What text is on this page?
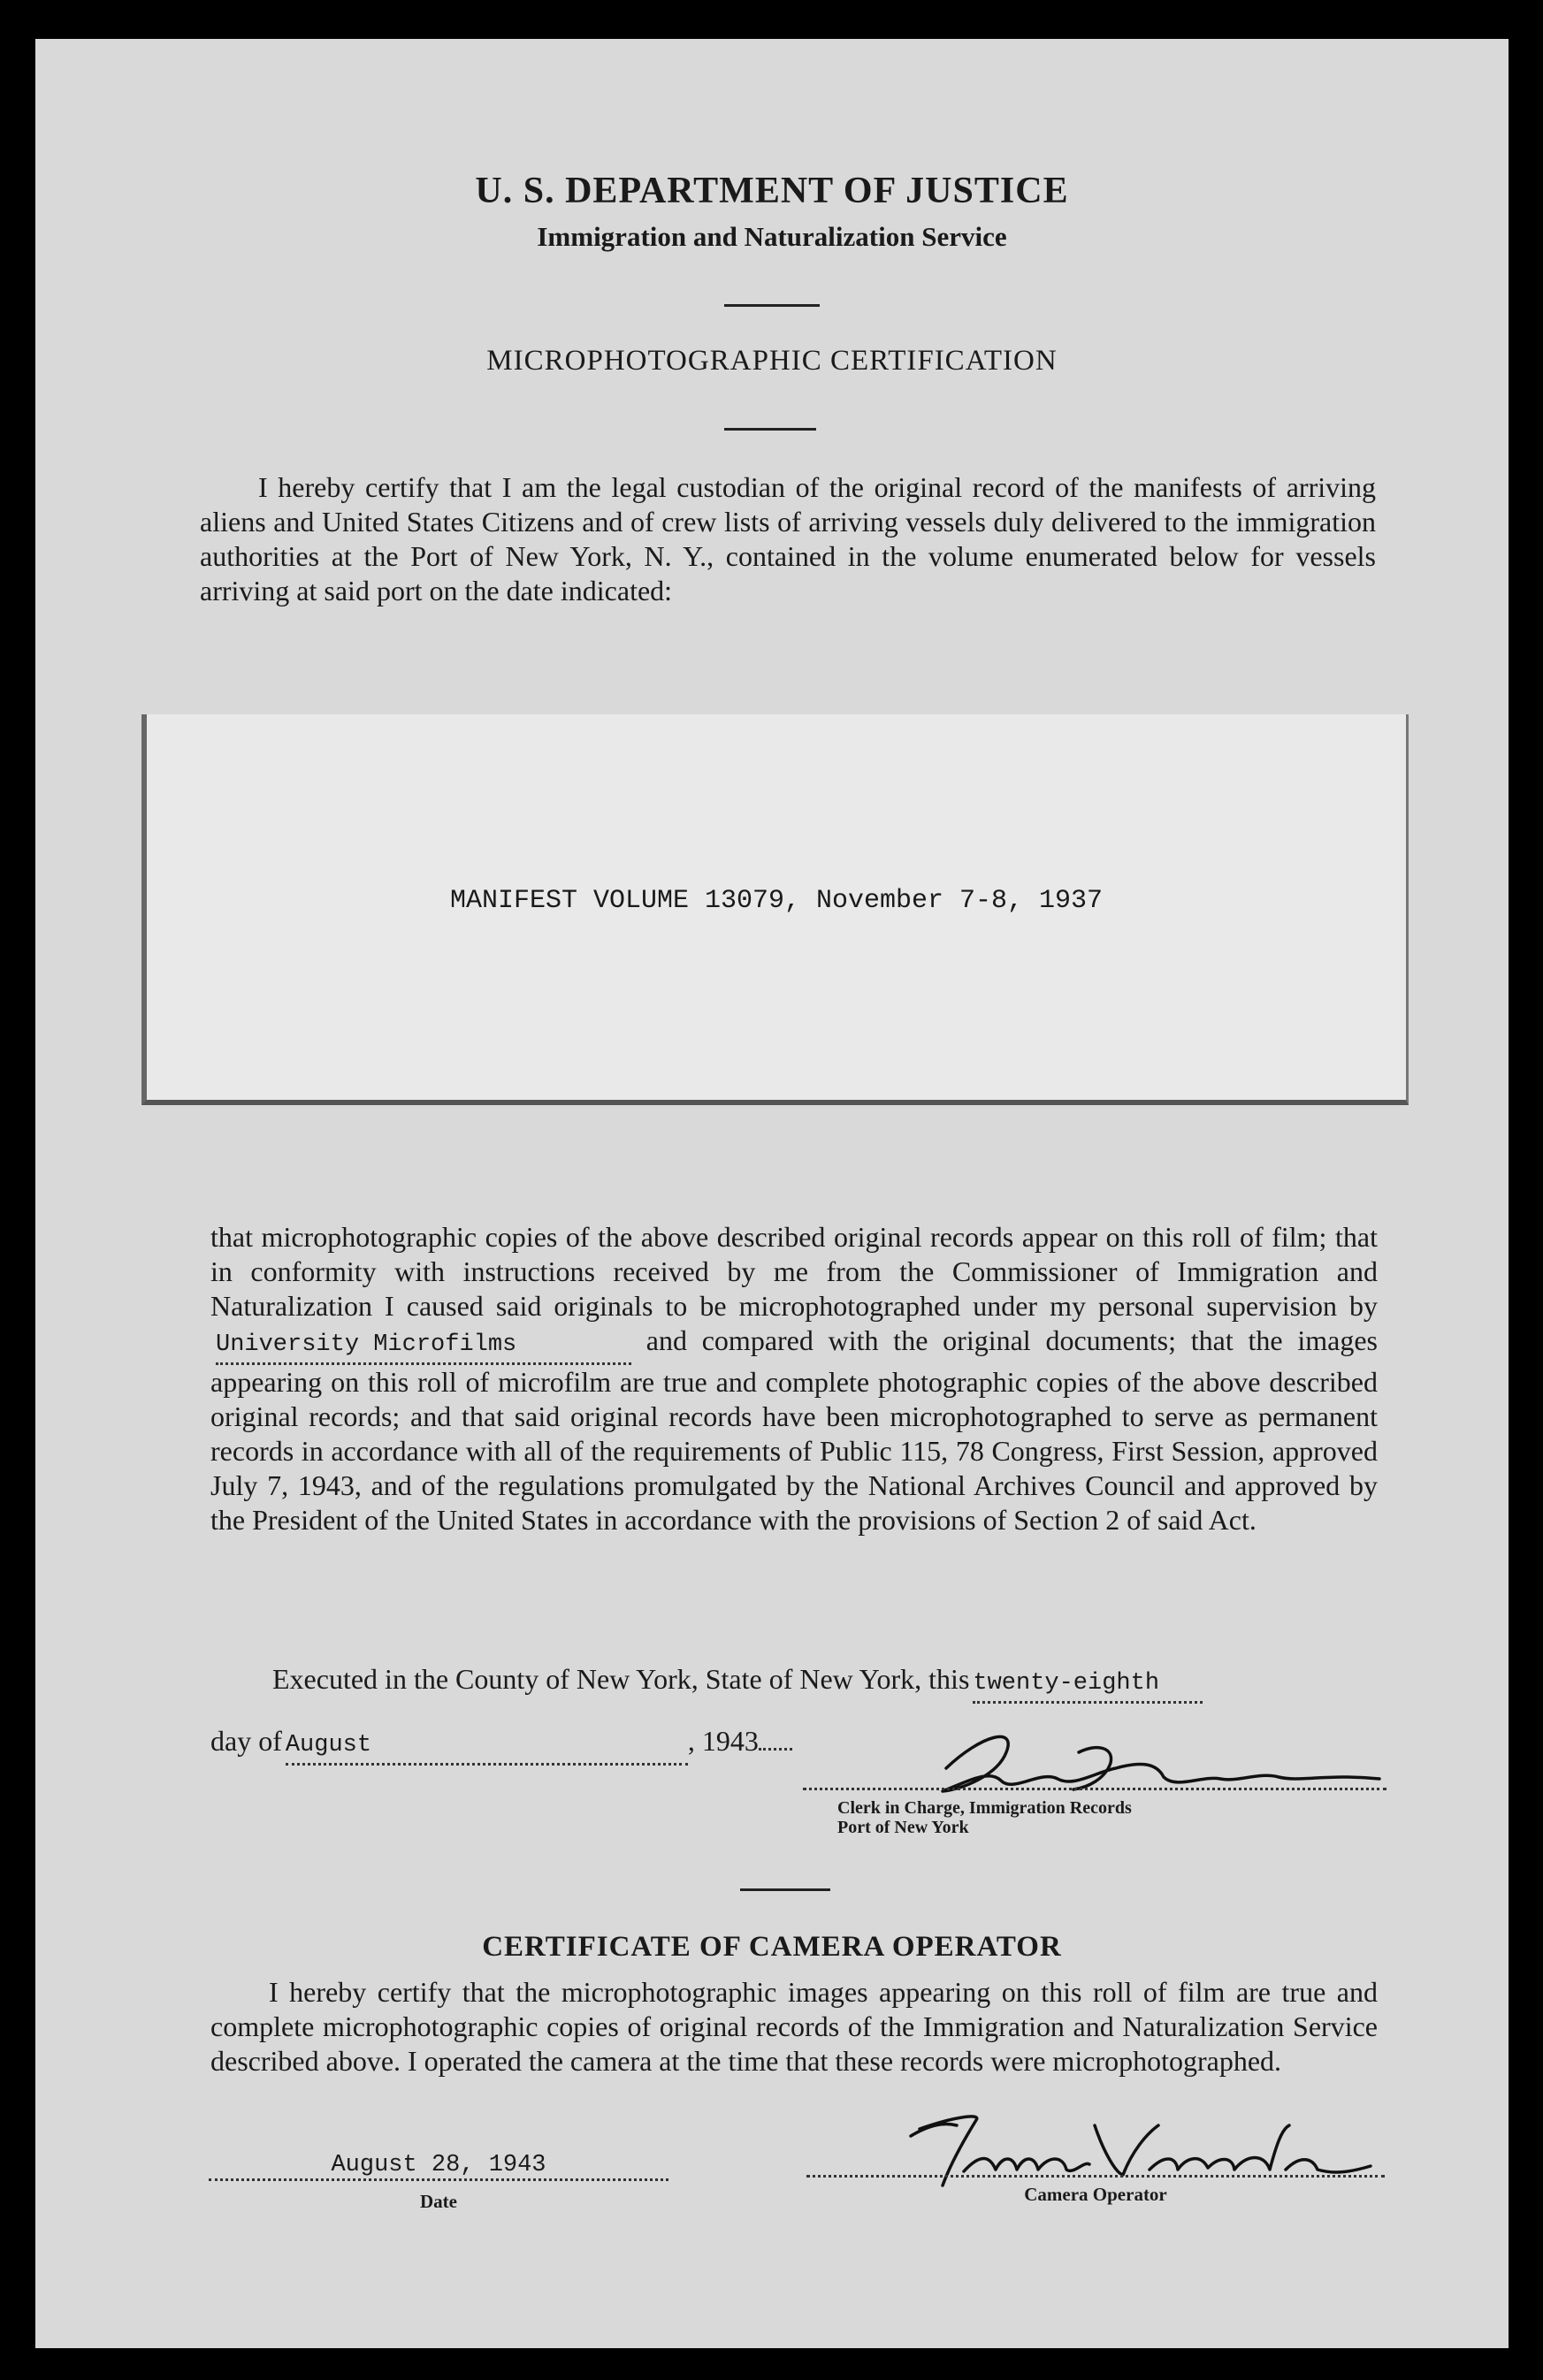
U. S. DEPARTMENT OF JUSTICE
Immigration and Naturalization Service
MICROPHOTOGRAPHIC CERTIFICATION
I hereby certify that I am the legal custodian of the original record of the manifests of arriving aliens and United States Citizens and of crew lists of arriving vessels duly delivered to the immigration authorities at the Port of New York, N. Y., contained in the volume enumerated below for vessels arriving at said port on the date indicated:
MANIFEST VOLUME 13079, November 7-8, 1937
that microphotographic copies of the above described original records appear on this roll of film; that in conformity with instructions received by me from the Commissioner of Immigration and Naturalization I caused said originals to be microphotographed under my personal supervision byUniversity Microfilms	and compared with the original documents; that the images appearing on this roll of microfilm are true and complete photographic copies of the above described original records; and that said original records have been microphotographed to serve as permanent records in accordance with all of the requirements of Public 115, 78 Congress, First Session, approved July 7, 1943, and of the regulations promulgated by the National Archives Council and approved by the President of the United States in accordance with the provisions of Section 2 of said Act.
Executed in the County of New York, State of New York, this twenty-eighth
day of August	, 1943
Clerk in Charge, Immigration Records
Port of New York
CERTIFICATE OF CAMERA OPERATOR
I hereby certify that the microphotographic images appearing on this roll of film are true and complete microphotographic copies of original records of the Immigration and Naturalization Service described above. I operated the camera at the time that these records were microphotographed.
August 28, 1943
Date	Camera Operator
